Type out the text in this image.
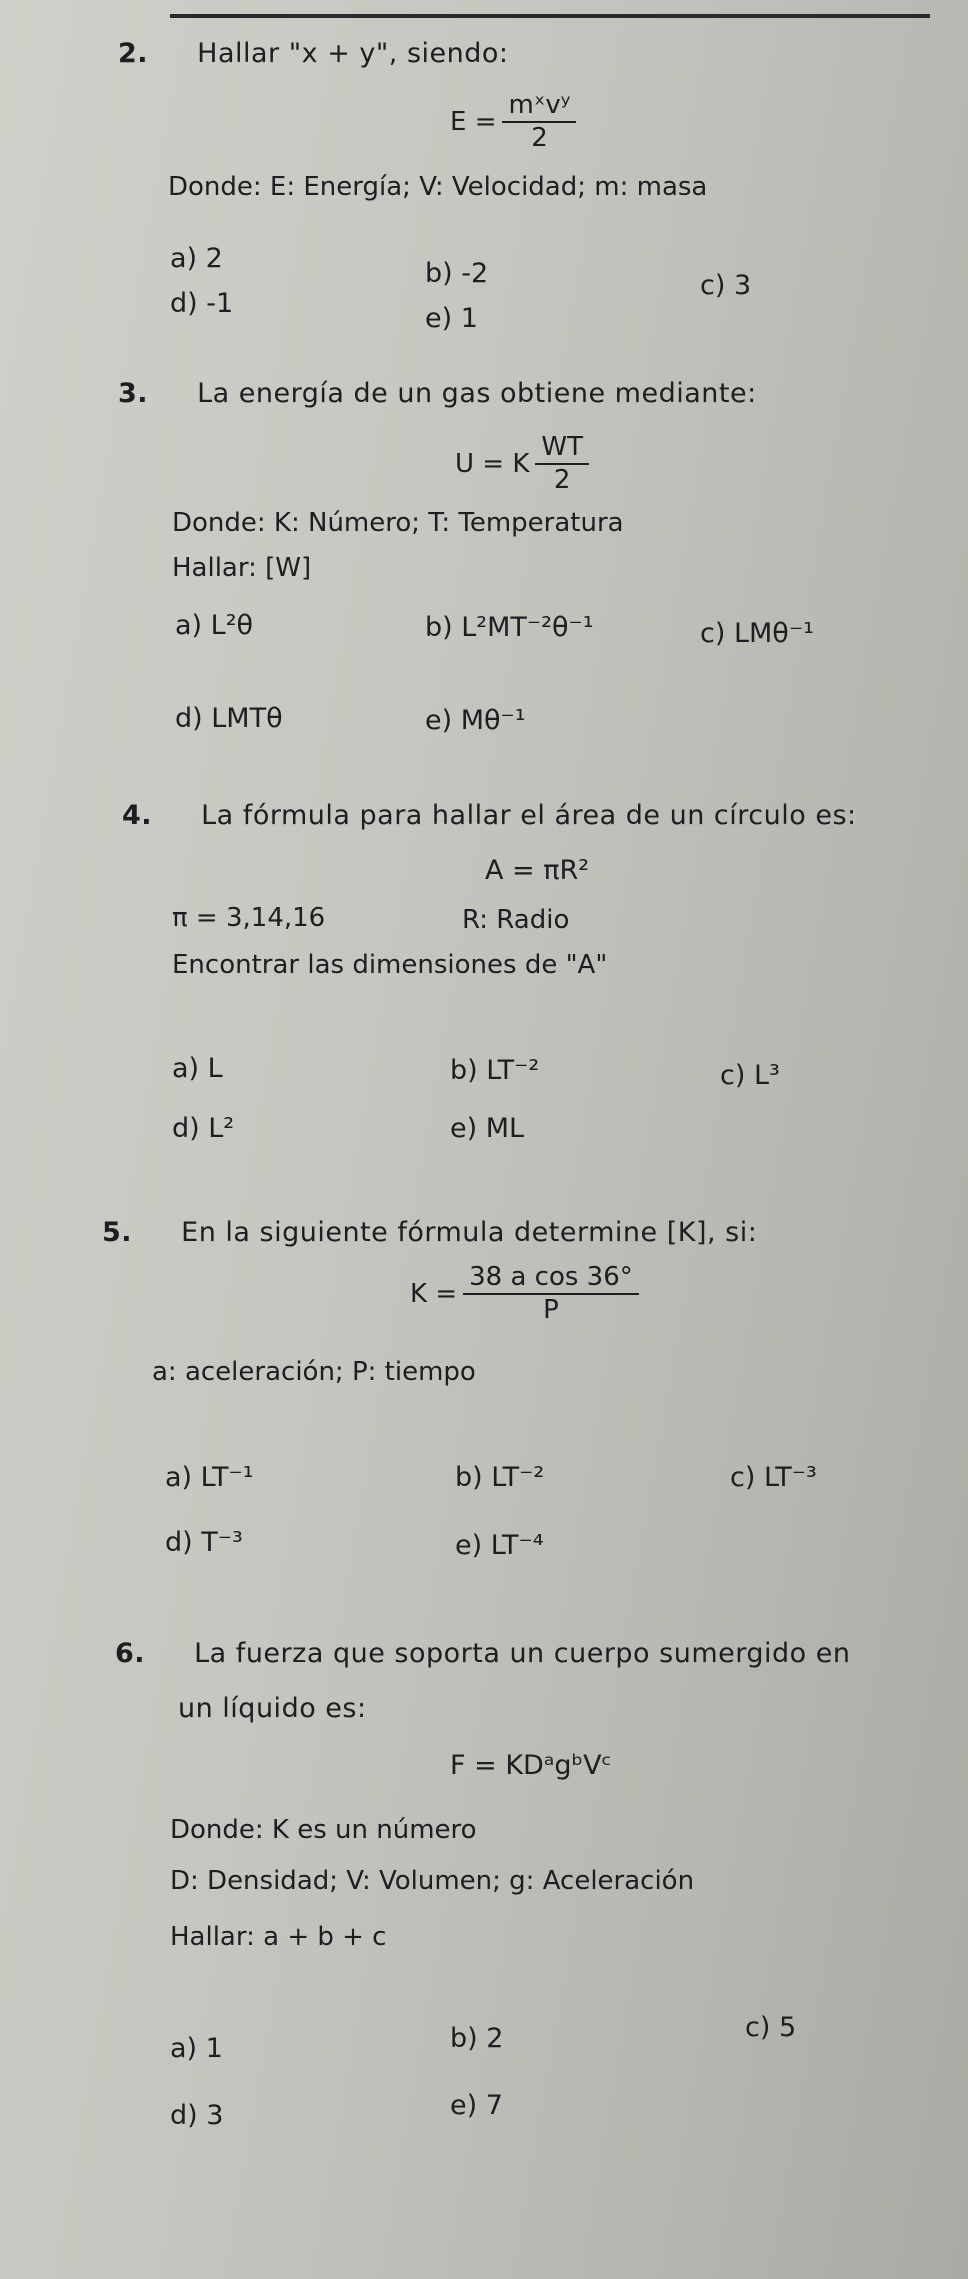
2. Hallar "x + y", siendo:
$E = \frac{\text{mˣvʸ}}{2}$
Donde: E: Energía; V: Velocidad; m: masa
a) 2	b) -2	c) 3
d) -1	e) 1
3. La energía de un gas obtiene mediante:
U = K $\frac{WT}{2}$
Donde: K: Número; T: Temperatura
Hallar: [W]
a) L²θ	b) L²MT⁻²θ⁻¹	c) LMθ⁻¹
d) LMTθ	e) Mθ⁻¹
4. La fórmula para hallar el área de un círculo es:
A = πR²
π = 3,14,16	R: Radio
Encontrar las dimensiones de "A"
a) L	b) LT⁻²	c) L³
d) L²	e) ML
5. En la siguiente fórmula determine [K], si:
$K = \frac{\text{38 a cos 36°}}{P}$
a: aceleración; P: tiempo
a) LT⁻¹	b) LT⁻²	c) LT⁻³
d) T⁻³	e) LT⁻⁴
6. La fuerza que soporta un cuerpo sumergido en
un líquido es:
F = KDᵃgᵇVᶜ
Donde: K es un número
D: Densidad; V: Volumen; g: Aceleración
Hallar: a + b + c
a) 1	b) 2	c) 5
d) 3	e) 7
